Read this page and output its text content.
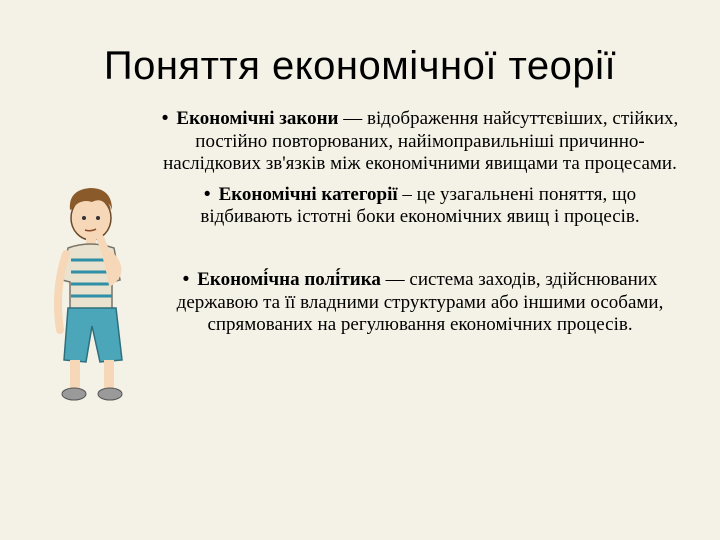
Поняття економічної теорії

• Економічні закони — відображення найсуттєвіших, стійких, постійно повторюваних, найімоправильніші причинно-наслідкових зв'язків між економічними явищами та процесами.

• Економічні категорії – це узагальнені поняття, що відбивають істотні боки економічних явищ і процесів.

• Економі́чна полі́тика — система заходів, здійснюваних державою та її владними структурами або іншими особами, спрямованих на регулювання економічних процесів.
